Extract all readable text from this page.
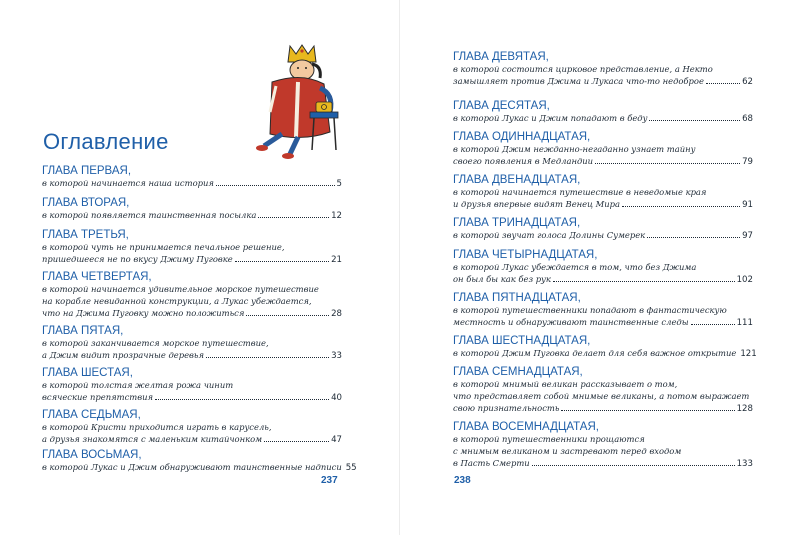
Оглавление
ГЛАВА ПЕРВАЯ,
в которой начинается наша история	5
ГЛАВА ВТОРАЯ,
в которой появляется таинственная посылка	12
ГЛАВА ТРЕТЬЯ,
в которой чуть не принимается печальное решение,
пришедшееся не по вкусу Джиму Пуговке	21
ГЛАВА ЧЕТВЕРТАЯ,
в которой начинается удивительное морское путешествие
на корабле невиданной конструкции, а Лукас убеждается,
что на Джима Пуговку можно положиться	28
ГЛАВА ПЯТАЯ,
в которой заканчивается морское путешествие,
а Джим видит прозрачные деревья	33
ГЛАВА ШЕСТАЯ,
в которой толстая желтая рожа чинит
всяческие препятствия	40
ГЛАВА СЕДЬМАЯ,
в которой Кристи приходится играть в карусель,
а друзья знакомятся с маленьким китайчонком	47
ГЛАВА ВОСЬМАЯ,
в которой Лукас и Джим обнаруживают таинственные надписи 55
237
ГЛАВА ДЕВЯТАЯ,
в которой состоится цирковое представление, а Некто
замышляет против Джима и Лукаса что-то недоброе	62
ГЛАВА ДЕСЯТАЯ,
в которой Лукас и Джим попадают в беду	68
ГЛАВА ОДИННАДЦАТАЯ,
в которой Джим нежданно-негаданно узнает тайну
своего появления в Медландии	79
ГЛАВА ДВЕНАДЦАТАЯ,
в которой начинается путешествие в неведомые края
и друзья впервые видят Венец Мира	91
ГЛАВА ТРИНАДЦАТАЯ,
в которой звучат голоса Долины Сумерек	97
ГЛАВА ЧЕТЫРНАДЦАТАЯ,
в которой Лукас убеждается в том, что без Джима
он был бы как без рук	102
ГЛАВА ПЯТНАДЦАТАЯ,
в которой путешественники попадают в фантастическую
местность и обнаруживают таинственные следы	111
ГЛАВА ШЕСТНАДЦАТАЯ,
в которой Джим Пуговка делает для себя важное открытие 121
ГЛАВА СЕМНАДЦАТАЯ,
в которой мнимый великан рассказывает о том,
что представляет собой мнимые великаны, а потом выражает
свою признательность	128
ГЛАВА ВОСЕМНАДЦАТАЯ,
в которой путешественники прощаются
с мнимым великаном и застревают перед входом
в Пасть Смерти	133
238
